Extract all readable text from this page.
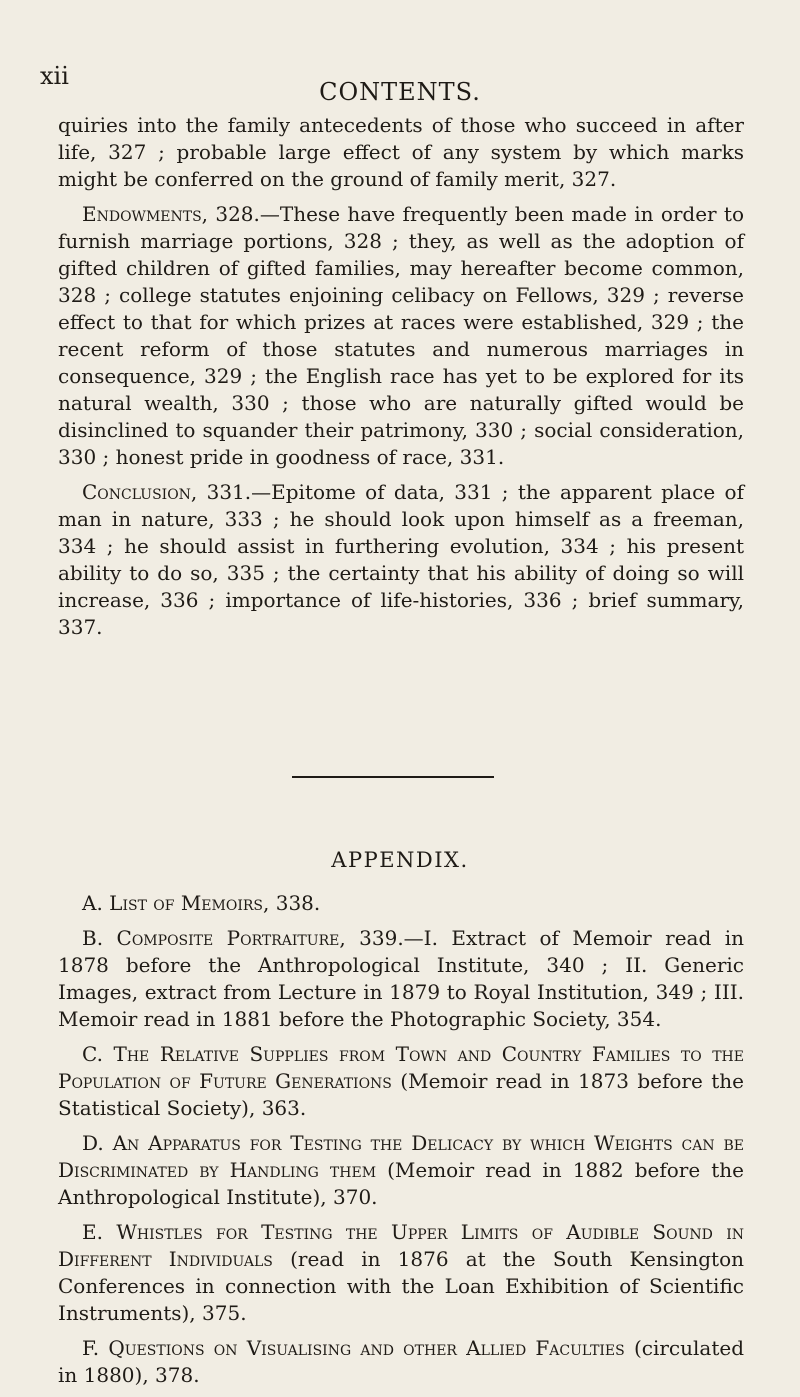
xii
CONTENTS.

quiries into the family antecedents of those who succeed in after life, 327 ; probable large effect of any system by which marks might be conferred on the ground of family merit, 327.

Endowments, 328.—These have frequently been made in order to furnish marriage portions, 328 ; they, as well as the adoption of gifted children of gifted families, may hereafter become common, 328 ; college statutes enjoining celibacy on Fellows, 329 ; reverse effect to that for which prizes at races were established, 329 ; the recent reform of those statutes and numerous marriages in consequence, 329 ; the English race has yet to be explored for its natural wealth, 330 ; those who are naturally gifted would be disinclined to squander their patrimony, 330 ; social consideration, 330 ; honest pride in goodness of race, 331.

Conclusion, 331.—Epitome of data, 331 ; the apparent place of man in nature, 333 ; he should look upon himself as a freeman, 334 ; he should assist in furthering evolution, 334 ; his present ability to do so, 335 ; the certainty that his ability of doing so will increase, 336 ; importance of life-histories, 336 ; brief summary, 337.

APPENDIX.

A. List of Memoirs, 338.

B. Composite Portraiture, 339.—I. Extract of Memoir read in 1878 before the Anthropological Institute, 340 ; II. Generic Images, extract from Lecture in 1879 to Royal Institution, 349 ; III. Memoir read in 1881 before the Photographic Society, 354.

C. The Relative Supplies from Town and Country Families to the Population of Future Generations (Memoir read in 1873 before the Statistical Society), 363.

D. An Apparatus for Testing the Delicacy by which Weights can be Discriminated by Handling them (Memoir read in 1882 before the Anthropological Institute), 370.

E. Whistles for Testing the Upper Limits of Audible Sound in Different Individuals (read in 1876 at the South Kensington Conferences in connection with the Loan Exhibition of Scientific Instruments), 375.

F. Questions on Visualising and other Allied Faculties (circulated in 1880), 378.
